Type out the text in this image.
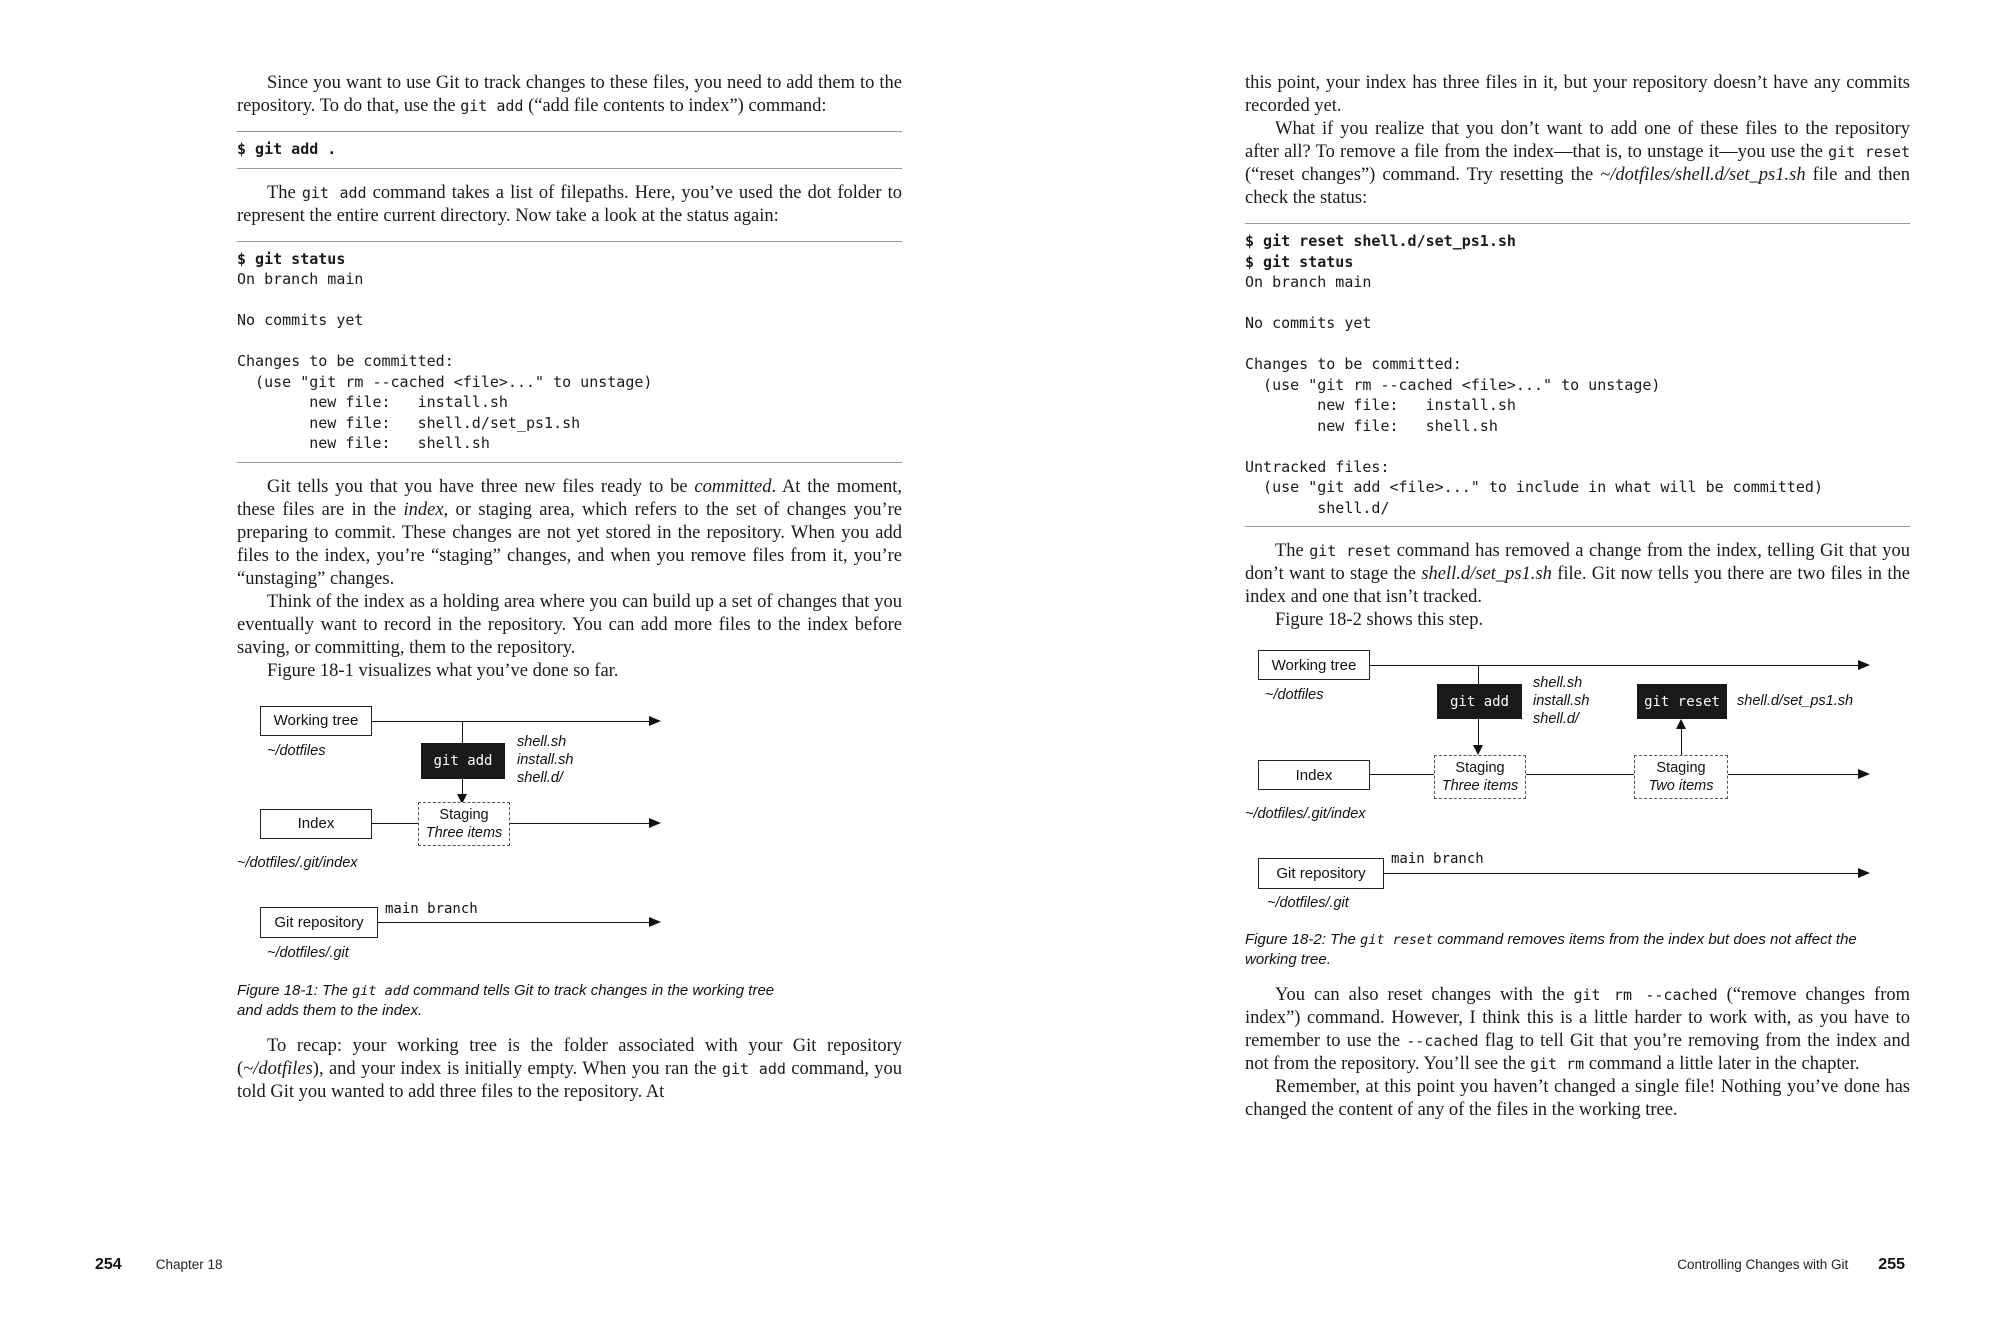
Since you want to use Git to track changes to these files, you need to add them to the repository. To do that, use the git add (“add file contents to index”) command:

$ git add .

The git add command takes a list of filepaths. Here, you’ve used the dot folder to represent the entire current directory. Now take a look at the status again:

$ git status
On branch main

No commits yet

Changes to be committed:
(use "git rm --cached <file>..." to unstage)
new file:   install.sh
new file:   shell.d/set_ps1.sh
new file:   shell.sh

Git tells you that you have three new files ready to be committed. At the moment, these files are in the index, or staging area, which refers to the set of changes you’re preparing to commit. These changes are not yet stored in the repository. When you add files to the index, you’re “staging” changes, and when you remove files from it, you’re “unstaging” changes.

Think of the index as a holding area where you can build up a set of changes that you eventually want to record in the repository. You can add more files to the index before saving, or committing, them to the repository.

Figure 18-1 visualizes what you’ve done so far.

Working tree
~/dotfiles
git add
shell.sh
install.sh
shell.d/
Index
Staging
Three items
~/dotfiles/.git/index
Git repository
main branch
~/dotfiles/.git

Figure 18-1: The git add command tells Git to track changes in the working tree and adds them to the index.

To recap: your working tree is the folder associated with your Git repository (~/dotfiles), and your index is initially empty. When you ran the git add command, you told Git you wanted to add three files to the repository. At

254	Chapter 18

this point, your index has three files in it, but your repository doesn’t have any commits recorded yet.

What if you realize that you don’t want to add one of these files to the repository after all? To remove a file from the index—that is, to unstage it—you use the git reset (“reset changes”) command. Try resetting the ~/dotfiles/shell.d/set_ps1.sh file and then check the status:

$ git reset shell.d/set_ps1.sh
$ git status
On branch main

No commits yet

Changes to be committed:
(use "git rm --cached <file>..." to unstage)
new file:   install.sh
new file:   shell.sh

Untracked files:
(use "git add <file>..." to include in what will be committed)
shell.d/

The git reset command has removed a change from the index, telling Git that you don’t want to stage the shell.d/set_ps1.sh file. Git now tells you there are two files in the index and one that isn’t tracked.

Figure 18-2 shows this step.

Working tree
~/dotfiles	git add
shell.sh
install.sh
shell.d/
git reset shell.d/set_ps1.sh
Index	Staging
Three items
Staging
Two items
~/dotfiles/.git/index
Git repository
main branch
~/dotfiles/.git

Figure 18-2: The git reset command removes items from the index but does not affect the working tree.

You can also reset changes with the git rm --cached (“remove changes from index”) command. However, I think this is a little harder to work with, as you have to remember to use the --cached flag to tell Git that you’re removing from the index and not from the repository. You’ll see the git rm command a little later in the chapter.

Remember, at this point you haven’t changed a single file! Nothing you’ve done has changed the content of any of the files in the working tree.

Controlling Changes with Git 255
